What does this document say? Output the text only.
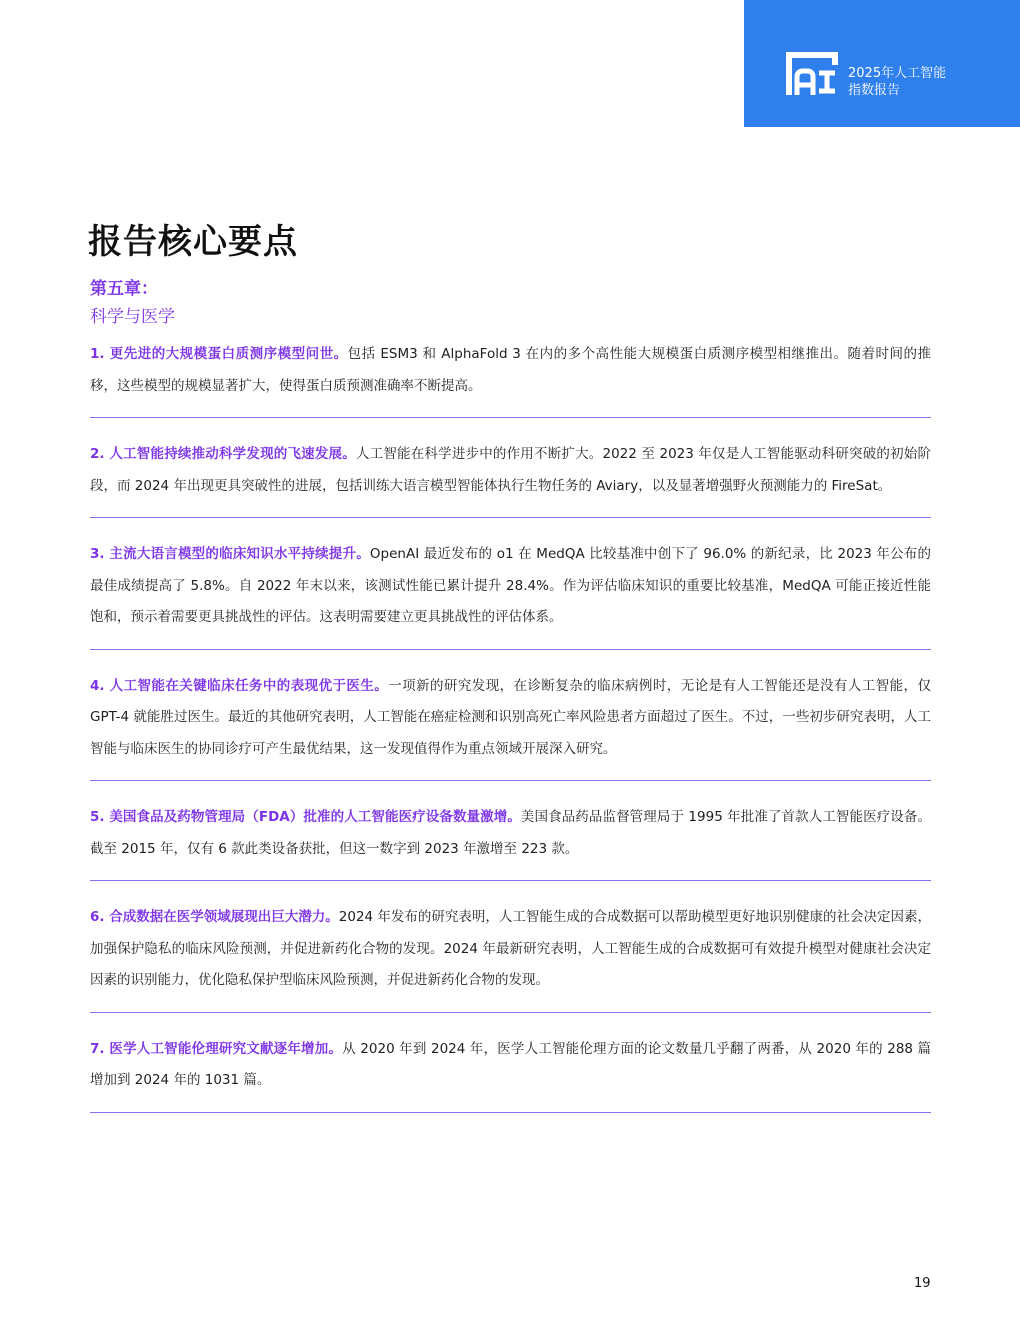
2025年人工智能
指数报告
报告核心要点
第五章：
科学与医学

1. 更先进的大规模蛋白质测序模型问世。包括 ESM3 和 AlphaFold 3 在内的多个高性能大规模蛋白质测序模型相继推出。随着时间的推移，这些模型的规模显著扩大，使得蛋白质预测准确率不断提高。

2. 人工智能持续推动科学发现的飞速发展。人工智能在科学进步中的作用不断扩大。2022 至 2023 年仅是人工智能驱动科研突破的初始阶段，而 2024 年出现更具突破性的进展，包括训练大语言模型智能体执行生物任务的 Aviary，以及显著增强野火预测能力的 FireSat。

3. 主流大语言模型的临床知识水平持续提升。OpenAI 最近发布的 o1 在 MedQA 比较基准中创下了 96.0% 的新纪录，比 2023 年公布的最佳成绩提高了 5.8%。自 2022 年末以来，该测试性能已累计提升 28.4%。作为评估临床知识的重要比较基准，MedQA 可能正接近性能饱和，预示着需要更具挑战性的评估。这表明需要建立更具挑战性的评估体系。

4. 人工智能在关键临床任务中的表现优于医生。一项新的研究发现，在诊断复杂的临床病例时，无论是有人工智能还是没有人工智能，仅 GPT-4 就能胜过医生。最近的其他研究表明，人工智能在癌症检测和识别高死亡率风险患者方面超过了医生。不过，一些初步研究表明，人工智能与临床医生的协同诊疗可产生最优结果，这一发现值得作为重点领域开展深入研究。

5. 美国食品及药物管理局（FDA）批准的人工智能医疗设备数量激增。美国食品药品监督管理局于 1995 年批准了首款人工智能医疗设备。截至 2015 年，仅有 6 款此类设备获批，但这一数字到 2023 年激增至 223 款。

6. 合成数据在医学领域展现出巨大潜力。2024 年发布的研究表明，人工智能生成的合成数据可以帮助模型更好地识别健康的社会决定因素，加强保护隐私的临床风险预测，并促进新药化合物的发现。2024 年最新研究表明，人工智能生成的合成数据可有效提升模型对健康社会决定因素的识别能力，优化隐私保护型临床风险预测，并促进新药化合物的发现。

7. 医学人工智能伦理研究文献逐年增加。从 2020 年到 2024 年，医学人工智能伦理方面的论文数量几乎翻了两番，从 2020 年的 288 篇增加到 2024 年的 1031 篇。

19
